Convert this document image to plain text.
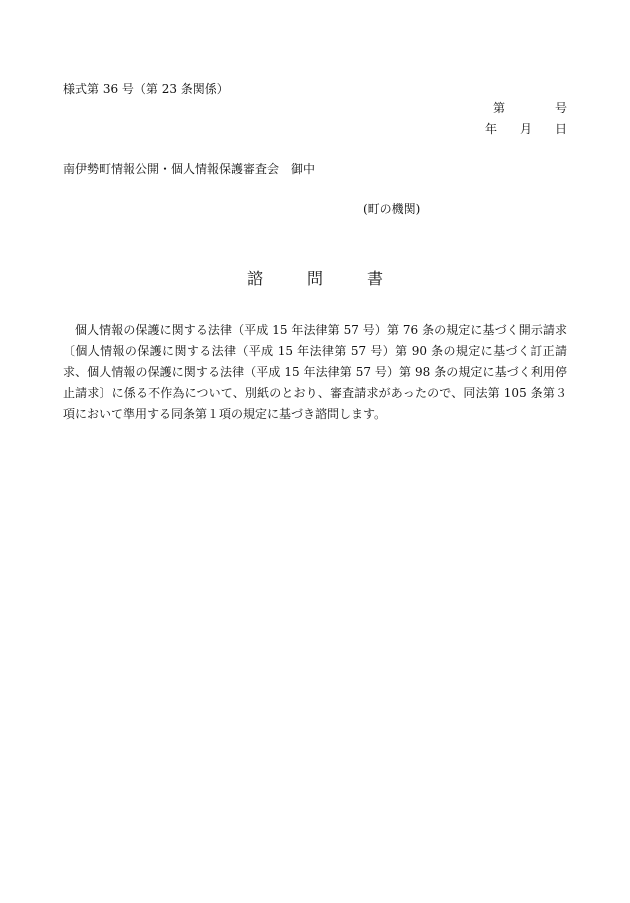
様式第 36 号（第 23 条関係）
第	号
年	月	日
南伊勢町情報公開・個人情報保護審査会　御中
(町の機関)
諮	問	書
個人情報の保護に関する法律（平成 15 年法律第 57 号）第 76 条の規定に基づく開示請求〔個人情報の保護に関する法律（平成 15 年法律第 57 号）第 90 条の規定に基づく訂正請求、個人情報の保護に関する法律（平成 15 年法律第 57 号）第 98 条の規定に基づく利用停止請求〕に係る不作為について、別紙のとおり、審査請求があったので、同法第 105 条第３項において準用する同条第１項の規定に基づき諮問します。
